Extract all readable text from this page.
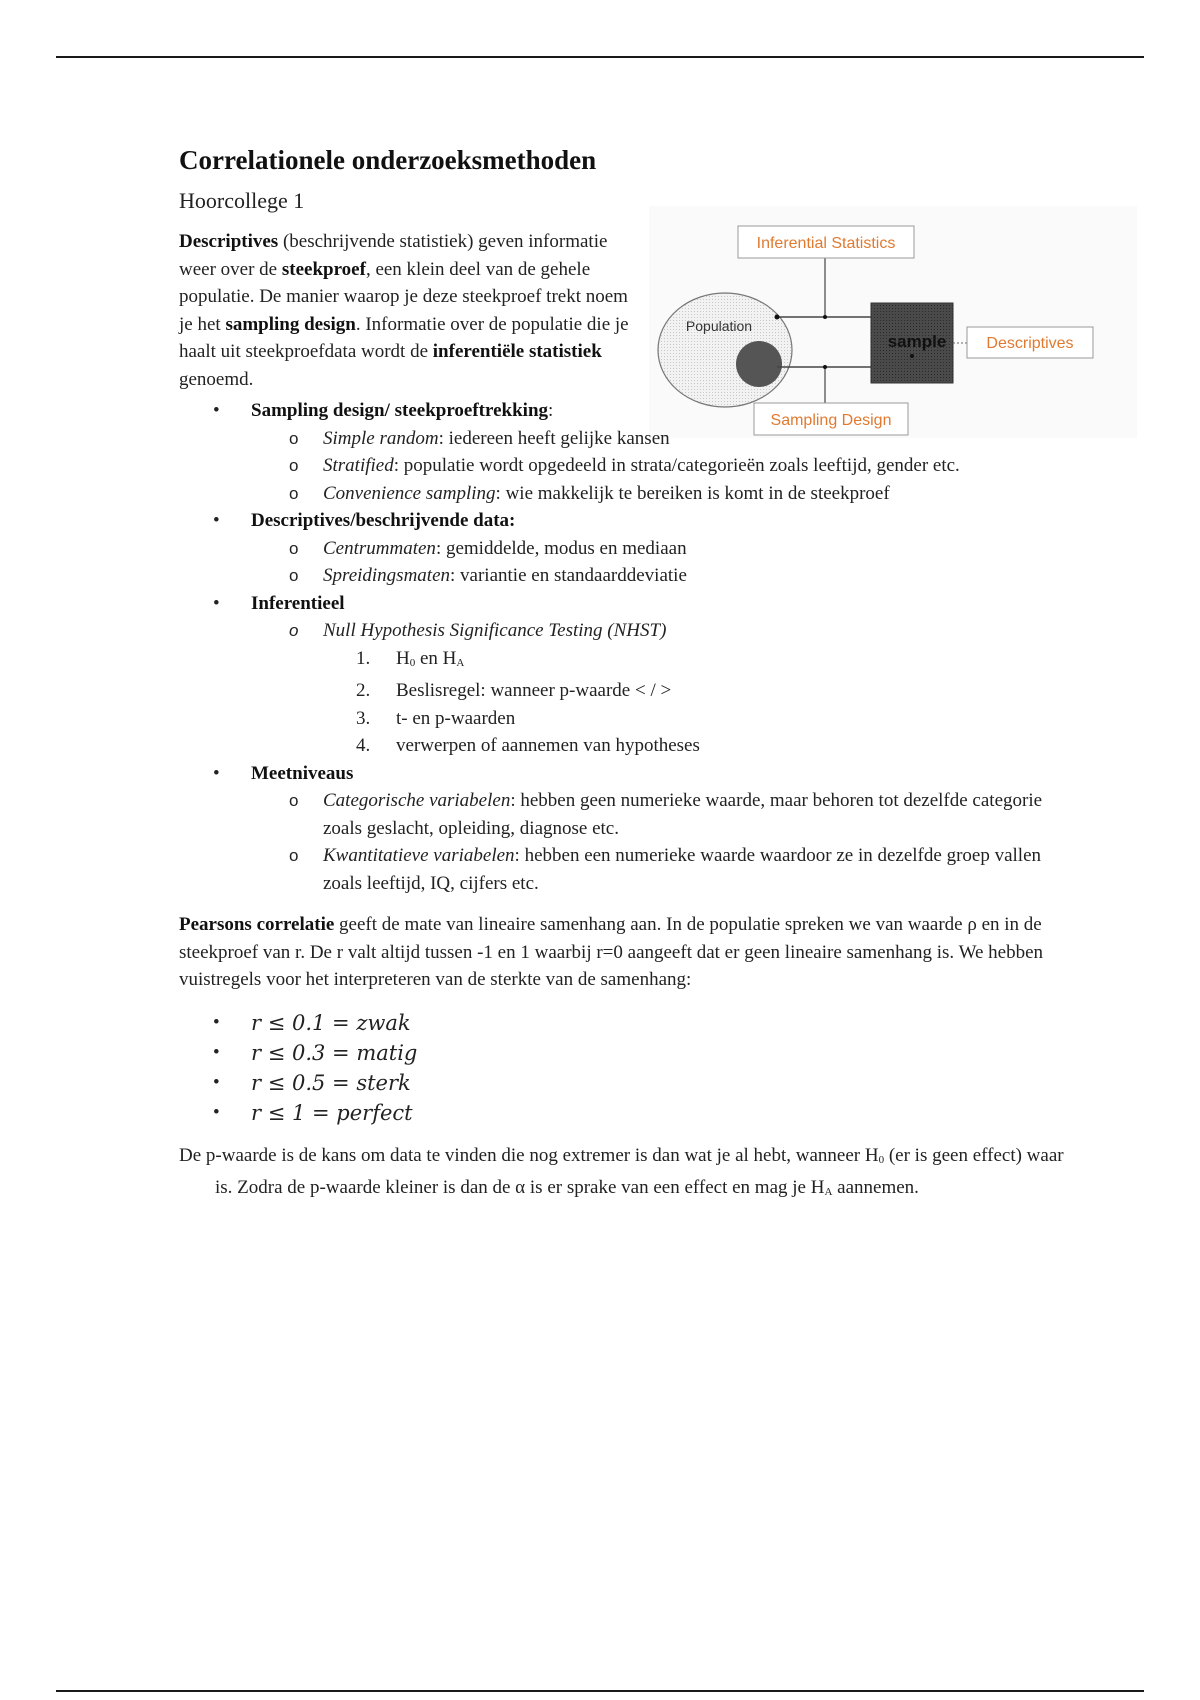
Correlationele onderzoeksmethoden
Hoorcollege 1

Descriptives (beschrijvende statistiek) geven informatie weer over de steekproef, een klein deel van de gehele populatie. De manier waarop je deze steekproef trekt noem je het sampling design. Informatie over de populatie die je haalt uit steekproefdata wordt de inferentiële statistiek genoemd.

Population
sample
Inferential Statistics
Descriptives
Sampling Design
• Sampling design/ steekproeftrekking:
o Simple random: iedereen heeft gelijke kansen
o Stratified: populatie wordt opgedeeld in strata/categorieën zoals leeftijd, gender etc.
o Convenience sampling: wie makkelijk te bereiken is komt in de steekproef
• Descriptives/beschrijvende data:
o Centrummaten: gemiddelde, modus en mediaan
o Spreidingsmaten: variantie en standaarddeviatie
• Inferentieel
o Null Hypothesis Significance Testing (NHST)
1. $H_0$ en $H_A$
2. Beslisregel: wanneer p-waarde < / >
3. t- en p-waarden
4. verwerpen of aannemen van hypotheses
• Meetniveaus
o Categorische variabelen: hebben geen numerieke waarde, maar behoren tot dezelfde categorie zoals geslacht, opleiding, diagnose etc.
o Kwantitatieve variabelen: hebben een numerieke waarde waardoor ze in dezelfde groep vallen zoals leeftijd, IQ, cijfers etc.

Pearsons correlatie geeft de mate van lineaire samenhang aan. In de populatie spreken we van waarde ρ en in de steekproef van r. De r valt altijd tussen -1 en 1 waarbij r=0 aangeeft dat er geen lineaire samenhang is. We hebben vuistregels voor het interpreteren van de sterkte van de samenhang:

• r ≤ 0.1 = zwak
• r ≤ 0.3 = matig
• r ≤ 0.5 = sterk
• r ≤ 1 = perfect

De p-waarde is de kans om data te vinden die nog extremer is dan wat je al hebt, wanneer $H_0$ (er is geen effect) waar is. Zodra de p-waarde kleiner is dan de α is er sprake van een effect en mag je $H_A$ aannemen.
